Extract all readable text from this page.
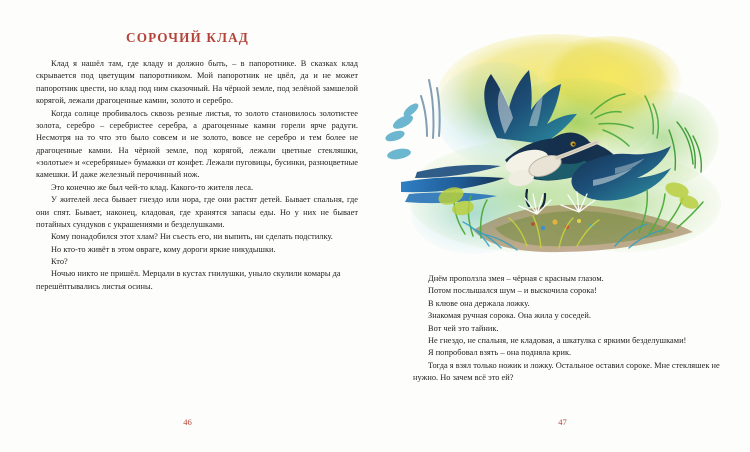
СОРОЧИЙ КЛАД

Клад я нашёл там, где кладу и должно быть, – в папоротнике. В сказках клад скрывается под цветущим папоротником. Мой папоротник не цвёл, да и не может папоротник цвести, но клад под ним сказочный. На чёрной земле, под зелёной замшелой корягой, лежали драгоценные камни, золото и серебро.

Когда солнце пробивалось сквозь резные листья, то золото становилось золотистее золота, серебро – серебристее серебра, а драгоценные камни горели ярче радуги. Несмотря на то что это было совсем и не золото, вовсе не серебро и тем более не драгоценные камни. На чёрной земле, под корягой, лежали цветные стекляшки, «золотые» и «серебряные» бумажки от конфет. Лежали пуговицы, бусинки, разноцветные камешки. И даже железный перочинный нож.

Это конечно же был чей-то клад. Какого-то жителя леса.

У жителей леса бывает гнездо или нора, где они растят детей. Бывает спальня, где они спят. Бывает, наконец, кладовая, где хранятся запасы еды. Но у них не бывает потайных сундуков с украшениями и безделушками.

Кому понадобился этот хлам? Ни съесть его, ни выпить, ни сделать подстилку.

Но кто-то живёт в этом овраге, кому дороги яркие никудышки.

Кто?

Ночью никто не пришёл. Мерцали в кустах гнилушки, уныло скулили комары да перешёптывались листья осины.

46

Днём проползла змея – чёрная с красным глазом.

Потом послышался шум – и выскочила сорока!

В клюве она держала ложку.

Знакомая ручная сорока. Она жила у соседей.

Вот чей это тайник.

Не гнездо, не спальня, не кладовая, а шкатулка с яркими безделушками!

Я попробовал взять – она подняла крик.

Тогда я взял только ножик и ложку. Остальное оставил сороке. Мне стекляшек не нужно. Но зачем всё это ей?

47
